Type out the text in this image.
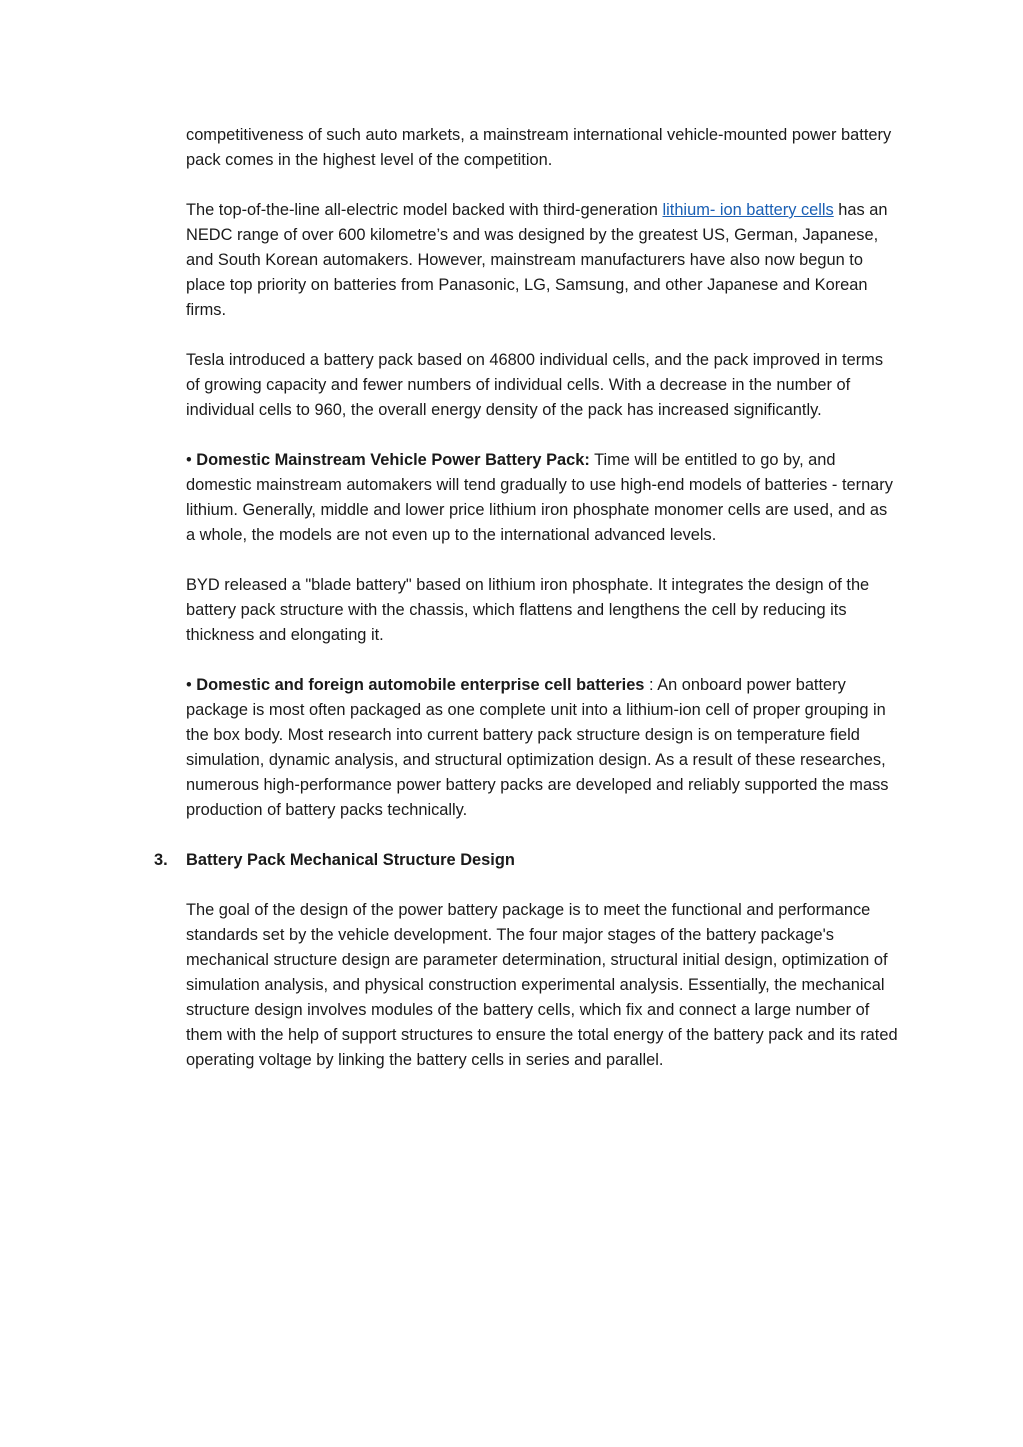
competitiveness of such auto markets, a mainstream international vehicle-mounted power battery pack comes in the highest level of the competition.

The top-of-the-line all-electric model backed with third-generation lithium- ion battery cells has an NEDC range of over 600 kilometre’s and was designed by the greatest US, German, Japanese, and South Korean automakers. However, mainstream manufacturers have also now begun to place top priority on batteries from Panasonic, LG, Samsung, and other Japanese and Korean firms.

Tesla introduced a battery pack based on 46800 individual cells, and the pack improved in terms of growing capacity and fewer numbers of individual cells. With a decrease in the number of individual cells to 960, the overall energy density of the pack has increased significantly.

• Domestic Mainstream Vehicle Power Battery Pack: Time will be entitled to go by, and domestic mainstream automakers will tend gradually to use high-end models of batteries - ternary lithium. Generally, middle and lower price lithium iron phosphate monomer cells are used, and as a whole, the models are not even up to the international advanced levels.

BYD released a "blade battery" based on lithium iron phosphate. It integrates the design of the battery pack structure with the chassis, which flattens and lengthens the cell by reducing its thickness and elongating it.

• Domestic and foreign automobile enterprise cell batteries : An onboard power battery package is most often packaged as one complete unit into a lithium-ion cell of proper grouping in the box body. Most research into current battery pack structure design is on temperature field simulation, dynamic analysis, and structural optimization design. As a result of these researches, numerous high-performance power battery packs are developed and reliably supported the mass production of battery packs technically.

3. Battery Pack Mechanical Structure Design

The goal of the design of the power battery package is to meet the functional and performance standards set by the vehicle development. The four major stages of the battery package's mechanical structure design are parameter determination, structural initial design, optimization of simulation analysis, and physical construction experimental analysis. Essentially, the mechanical structure design involves modules of the battery cells, which fix and connect a large number of them with the help of support structures to ensure the total energy of the battery pack and its rated operating voltage by linking the battery cells in series and parallel.
